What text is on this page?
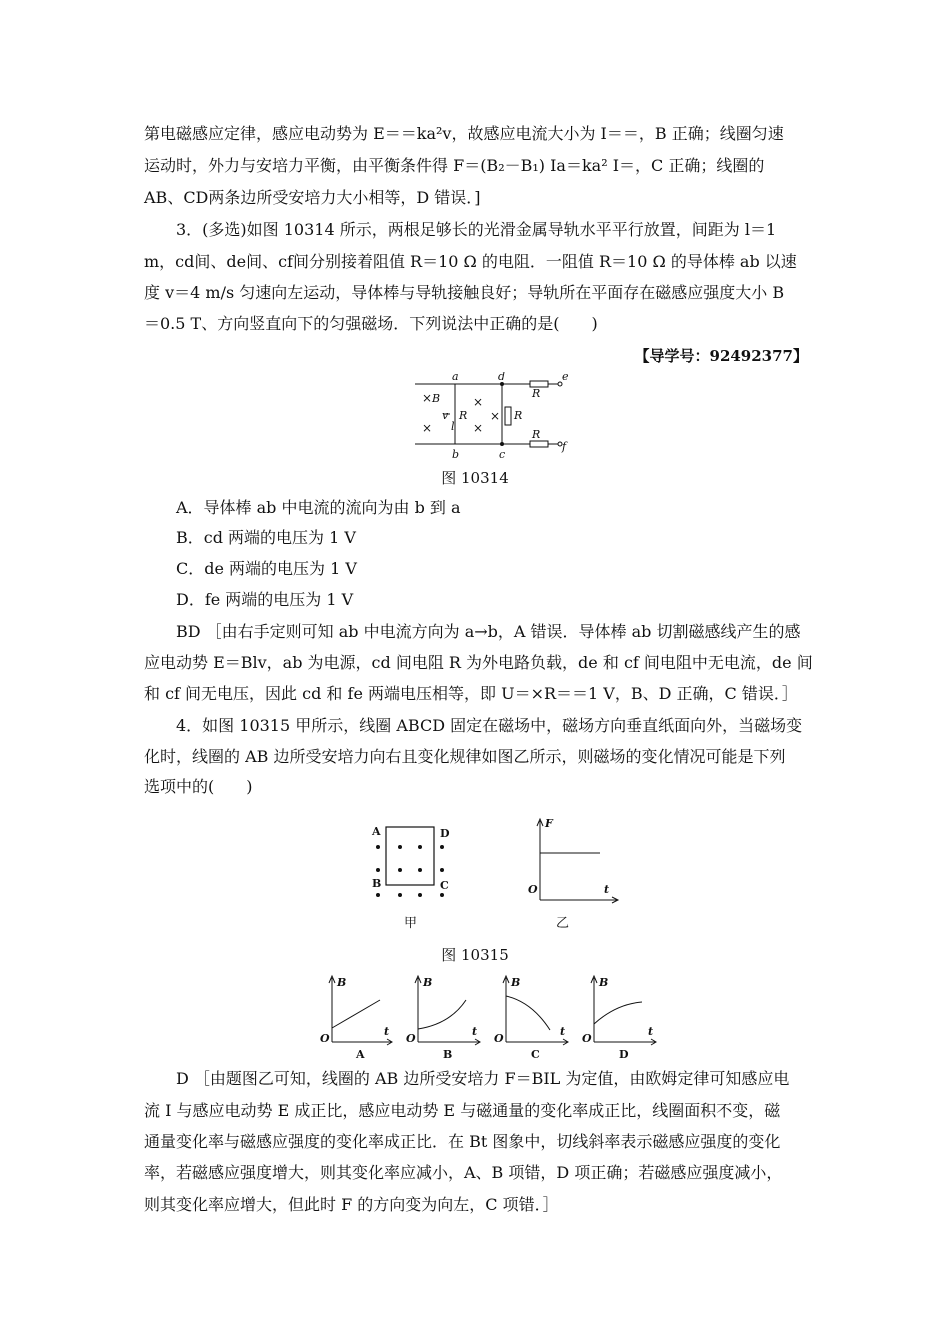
第电磁感应定律，感应电动势为 E＝＝ka²v，故感应电流大小为 I＝＝，B 正确；线圈匀速
运动时，外力与安培力平衡，由平衡条件得 F＝(B₂－B₁) Ia＝ka² I＝，C 正确；线圈的
AB、CD两条边所受安培力大小相等，D 错误．]
3．(多选)如图 10314 所示，两根足够长的光滑金属导轨水平平行放置，间距为 l＝1
m，cd间、de间、cf间分别接着阻值 R＝10 Ω 的电阻．一阻值 R＝10 Ω 的导体棒 ab 以速
度 v＝4 m/s 匀速向左运动，导体棒与导轨接触良好；导轨所在平面存在磁感应强度大小 B
＝0.5 T、方向竖直向下的匀强磁场．下列说法中正确的是(　　)
【导学号：92492377】
a
b	c
d	e
f
B
v
l
R	R
R
R
×
×
×
×
×
图 10314
A．导体棒 ab 中电流的流向为由 b 到 a
B．cd 两端的电压为 1 V
C．de 两端的电压为 1 V
D．fe 两端的电压为 1 V
BD ［由右手定则可知 ab 中电流方向为 a→b，A 错误．导体棒 ab 切割磁感线产生的感
应电动势 E＝Blv，ab 为电源，cd 间电阻 R 为外电路负载，de 和 cf 间电阻中无电流，de 间
和 cf 间无电压，因此 cd 和 fe 两端电压相等，即 U＝×R＝＝1 V，B、D 正确，C 错误．］
4．如图 10315 甲所示，线圈 ABCD 固定在磁场中，磁场方向垂直纸面向外，当磁场变
化时，线圈的 AB 边所受安培力向右且变化规律如图乙所示，则磁场的变化情况可能是下列
选项中的(　　)
A	D
B	C
甲
F
t
O
乙
图 10315
B
t
O
B
t
O
B
t
O
B
t
O
A	B	C	D
D ［由题图乙可知，线圈的 AB 边所受安培力 F＝BIL 为定值，由欧姆定律可知感应电
流 I 与感应电动势 E 成正比，感应电动势 E 与磁通量的变化率成正比，线圈面积不变，磁
通量变化率与磁感应强度的变化率成正比．在 Bt 图象中，切线斜率表示磁感应强度的变化
率，若磁感应强度增大，则其变化率应减小，A、B 项错，D 项正确；若磁感应强度减小，
则其变化率应增大，但此时 F 的方向变为向左，C 项错．］
